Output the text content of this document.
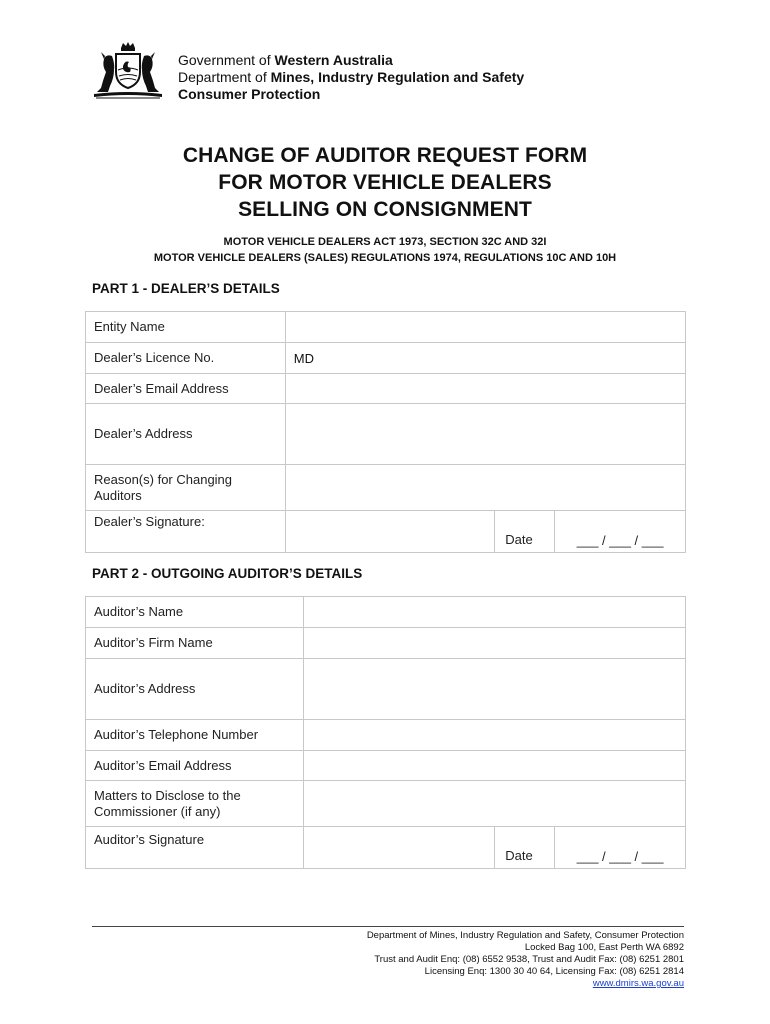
Government of Western Australia
Department of Mines, Industry Regulation and Safety
Consumer Protection
CHANGE OF AUDITOR REQUEST FORM
FOR MOTOR VEHICLE DEALERS
SELLING ON CONSIGNMENT
MOTOR VEHICLE DEALERS ACT 1973, SECTION 32C AND 32I
MOTOR VEHICLE DEALERS (SALES) REGULATIONS 1974, REGULATIONS 10C AND 10H
PART 1 - DEALER’S DETAILS
Entity Name			
Dealer’s Licence No.	MD		
Dealer’s Email Address			
Dealer’s Address			
Reason(s) for Changing Auditors			
Dealer’s Signature:		Date	___ / ___ / ___
PART 2 - OUTGOING AUDITOR’S DETAILS
Auditor’s Name			
Auditor’s Firm Name			
Auditor’s Address			
Auditor’s Telephone Number			
Auditor’s Email Address			
Matters to Disclose to the Commissioner (if any)			
Auditor’s Signature		Date	___ / ___ / ___
Department of Mines, Industry Regulation and Safety, Consumer Protection
Locked Bag 100, East Perth WA 6892
Trust and Audit Enq: (08) 6552 9538, Trust and Audit Fax: (08) 6251 2801
Licensing Enq: 1300 30 40 64, Licensing Fax: (08) 6251 2814
www.dmirs.wa.gov.au
